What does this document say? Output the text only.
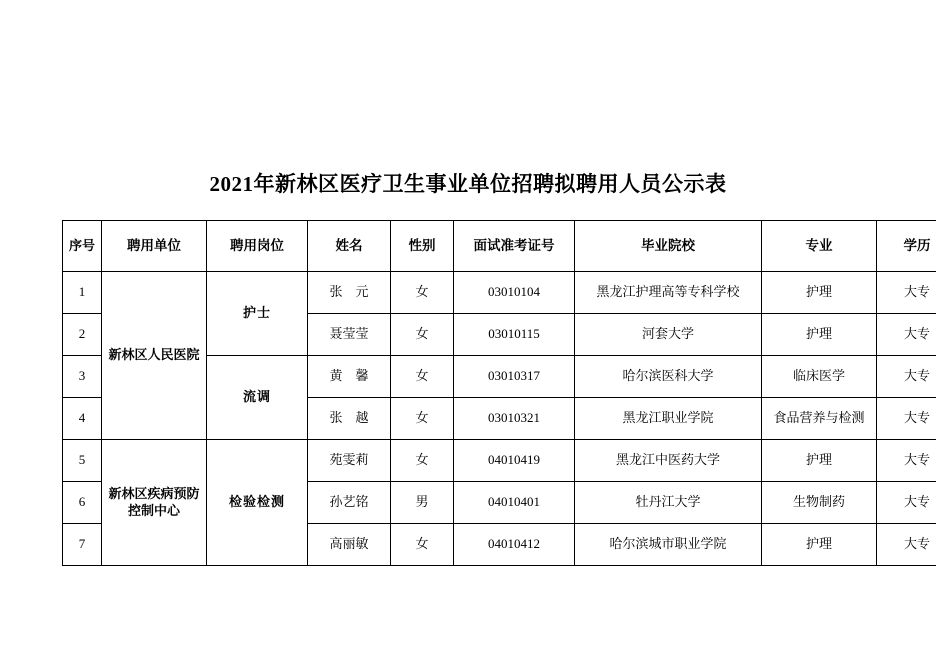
2021年新林区医疗卫生事业单位招聘拟聘用人员公示表
序号	聘用单位	聘用岗位	姓名	性别	面试准考证号	毕业院校	专业	学历
1	新林区人民医院	护士	张　元	女	03010104	黑龙江护理高等专科学校	护理	大专
2			聂莹莹	女	03010115	河套大学	护理	大专
3		流调	黄　馨	女	03010317	哈尔滨医科大学	临床医学	大专
4			张　越	女	03010321	黑龙江职业学院	食品营养与检测	大专
5	新林区疾病预防控制中心	检验检测	苑雯莉	女	04010419	黑龙江中医药大学	护理	大专
6			孙艺铭	男	04010401	牡丹江大学	生物制药	大专
7			高丽敏	女	04010412	哈尔滨城市职业学院	护理	大专
